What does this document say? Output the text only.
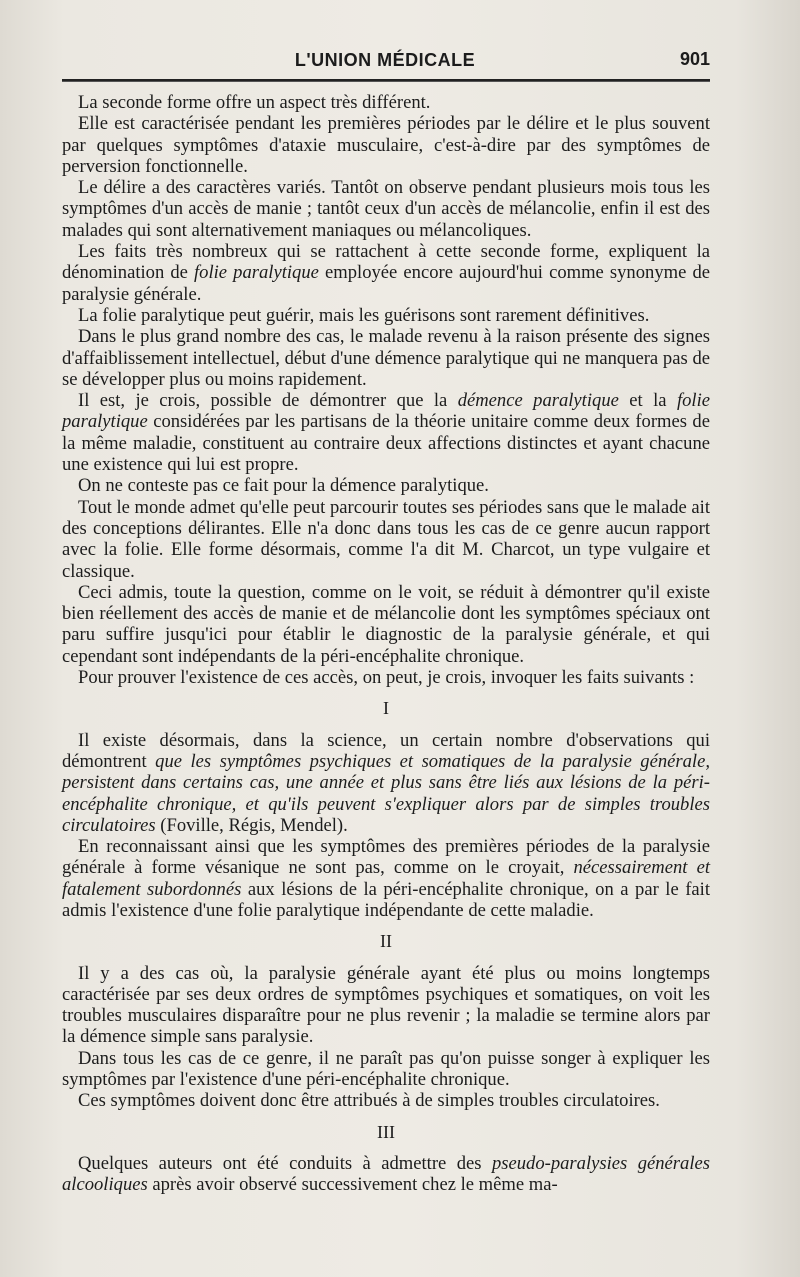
L'UNION MÉDICALE	901

La seconde forme offre un aspect très différent.

Elle est caractérisée pendant les premières périodes par le délire et le plus souvent par quelques symptômes d'ataxie musculaire, c'est-à-dire par des symptômes de perversion fonctionnelle.

Le délire a des caractères variés. Tantôt on observe pendant plusieurs mois tous les symptômes d'un accès de manie ; tantôt ceux d'un accès de mélancolie, enfin il est des malades qui sont alternativement maniaques ou mélancoliques.

Les faits très nombreux qui se rattachent à cette seconde forme, expliquent la dénomination de folie paralytique employée encore aujourd'hui comme synonyme de paralysie générale.

La folie paralytique peut guérir, mais les guérisons sont rarement définitives.

Dans le plus grand nombre des cas, le malade revenu à la raison présente des signes d'affaiblissement intellectuel, début d'une démence paralytique qui ne manquera pas de se développer plus ou moins rapidement.

Il est, je crois, possible de démontrer que la démence paralytique et la folie paralytique considérées par les partisans de la théorie unitaire comme deux formes de la même maladie, constituent au contraire deux affections distinctes et ayant chacune une existence qui lui est propre.

On ne conteste pas ce fait pour la démence paralytique.

Tout le monde admet qu'elle peut parcourir toutes ses périodes sans que le malade ait des conceptions délirantes. Elle n'a donc dans tous les cas de ce genre aucun rapport avec la folie. Elle forme désormais, comme l'a dit M. Charcot, un type vulgaire et classique.

Ceci admis, toute la question, comme on le voit, se réduit à démontrer qu'il existe bien réellement des accès de manie et de mélancolie dont les symptômes spéciaux ont paru suffire jusqu'ici pour établir le diagnostic de la paralysie générale, et qui cependant sont indépendants de la péri-encéphalite chronique.

Pour prouver l'existence de ces accès, on peut, je crois, invoquer les faits suivants :

I

Il existe désormais, dans la science, un certain nombre d'observations qui démontrent que les symptômes psychiques et somatiques de la paralysie générale, persistent dans certains cas, une année et plus sans être liés aux lésions de la péri-encéphalite chronique, et qu'ils peuvent s'expliquer alors par de simples troubles circulatoires (Foville, Régis, Mendel).

En reconnaissant ainsi que les symptômes des premières périodes de la paralysie générale à forme vésanique ne sont pas, comme on le croyait, nécessairement et fatalement subordonnés aux lésions de la péri-encéphalite chronique, on a par le fait admis l'existence d'une folie paralytique indépendante de cette maladie.

II

Il y a des cas où, la paralysie générale ayant été plus ou moins longtemps caractérisée par ses deux ordres de symptômes psychiques et somatiques, on voit les troubles musculaires disparaître pour ne plus revenir ; la maladie se termine alors par la démence simple sans paralysie.

Dans tous les cas de ce genre, il ne paraît pas qu'on puisse songer à expliquer les symptômes par l'existence d'une péri-encéphalite chronique.

Ces symptômes doivent donc être attribués à de simples troubles circulatoires.

III

Quelques auteurs ont été conduits à admettre des pseudo-paralysies générales alcooliques après avoir observé successivement chez le même ma-
